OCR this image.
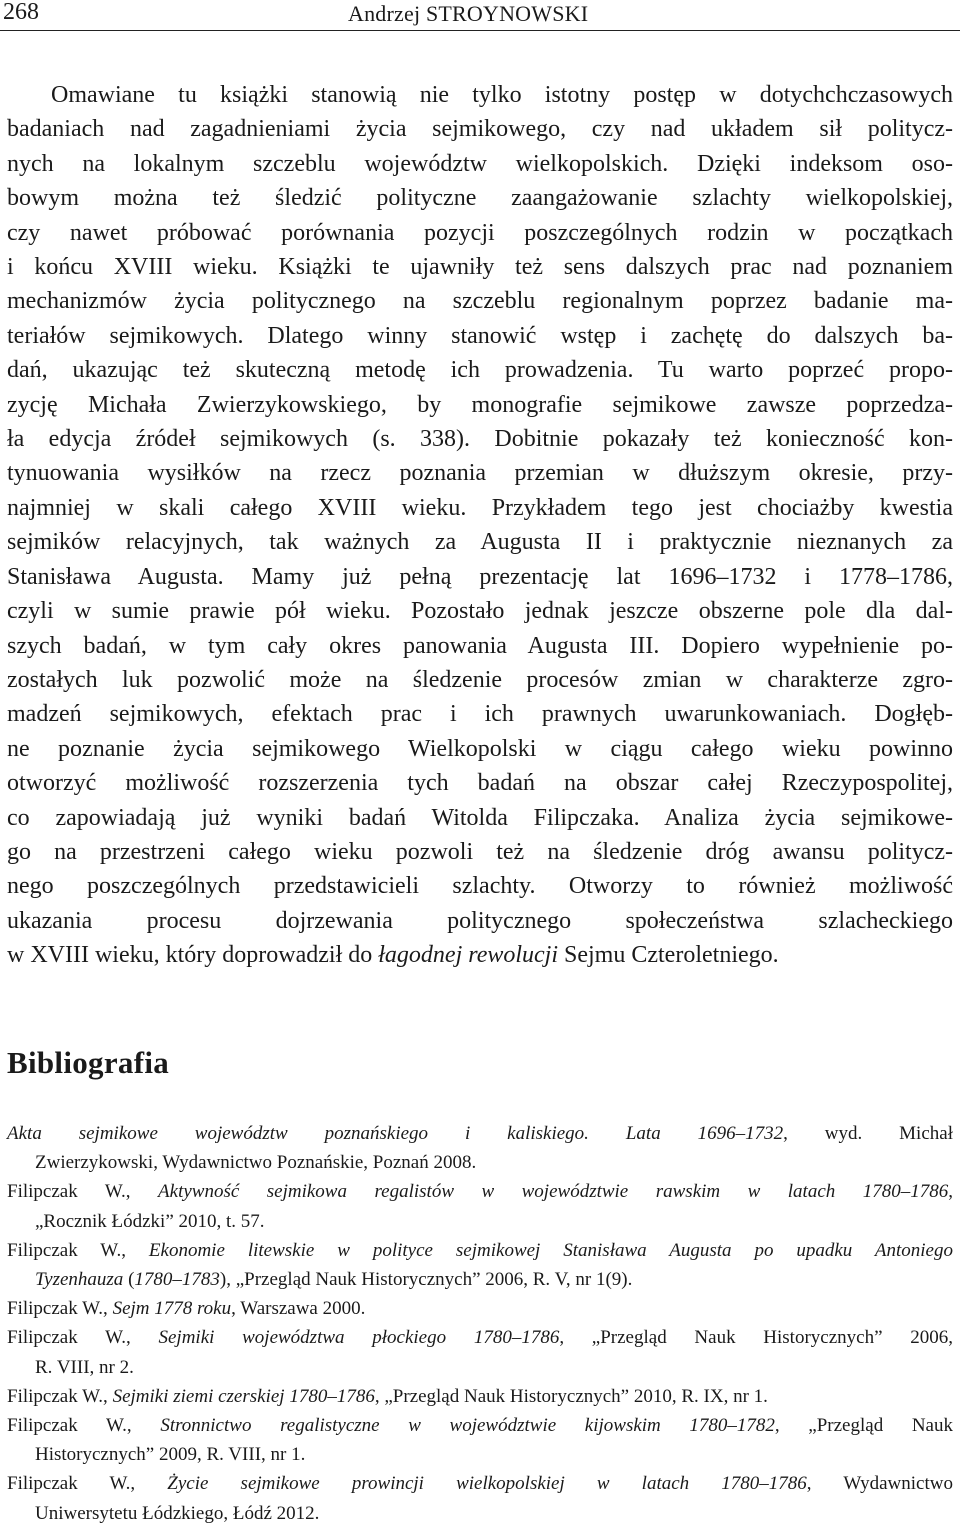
268	Andrzej STROYNOWSKI
Omawiane tu książki stanowią nie tylko istotny postęp w dotychchczasowych
badaniach nad zagadnieniami życia sejmikowego, czy nad układem sił politycz-
nych na lokalnym szczeblu województw wielkopolskich. Dzięki indeksom oso-
bowym można też śledzić polityczne zaangażowanie szlachty wielkopolskiej,
czy nawet próbować porównania pozycji poszczególnych rodzin w początkach
i końcu XVIII wieku. Książki te ujawniły też sens dalszych prac nad poznaniem
mechanizmów życia politycznego na szczeblu regionalnym poprzez badanie ma-
teriałów sejmikowych. Dlatego winny stanowić wstęp i zachętę do dalszych ba-
dań, ukazując też skuteczną metodę ich prowadzenia. Tu warto poprzeć propo-
zycję Michała Zwierzykowskiego, by monografie sejmikowe zawsze poprzedza-
ła edycja źródeł sejmikowych (s. 338). Dobitnie pokazały też konieczność kon-
tynuowania wysiłków na rzecz poznania przemian w dłuższym okresie, przy-
najmniej w skali całego XVIII wieku. Przykładem tego jest chociażby kwestia
sejmików relacyjnych, tak ważnych za Augusta II i praktycznie nieznanych za
Stanisława Augusta. Mamy już pełną prezentację lat 1696–1732 i 1778–1786,
czyli w sumie prawie pół wieku. Pozostało jednak jeszcze obszerne pole dla dal-
szych badań, w tym cały okres panowania Augusta III. Dopiero wypełnienie po-
zostałych luk pozwolić może na śledzenie procesów zmian w charakterze zgro-
madzeń sejmikowych, efektach prac i ich prawnych uwarunkowaniach. Dogłęb-
ne poznanie życia sejmikowego Wielkopolski w ciągu całego wieku powinno
otworzyć możliwość rozszerzenia tych badań na obszar całej Rzeczypospolitej,
co zapowiadają już wyniki badań Witolda Filipczaka. Analiza życia sejmikowe-
go na przestrzeni całego wieku pozwoli też na śledzenie dróg awansu politycz-
nego poszczególnych przedstawicieli szlachty. Otworzy to również możliwość
ukazania procesu dojrzewania politycznego społeczeństwa szlacheckiego
w XVIII wieku, który doprowadził do łagodnej rewolucji Sejmu Czteroletniego.
Bibliografia
Akta sejmikowe województw poznańskiego i kaliskiego. Lata 1696–1732, wyd. Michał
Zwierzykowski, Wydawnictwo Poznańskie, Poznań 2008.
Filipczak W., Aktywność sejmikowa regalistów w województwie rawskim w latach 1780–1786,
„Rocznik Łódzki” 2010, t. 57.
Filipczak W., Ekonomie litewskie w polityce sejmikowej Stanisława Augusta po upadku Antoniego
Tyzenhauza (1780–1783), „Przegląd Nauk Historycznych” 2006, R. V, nr 1(9).
Filipczak W., Sejm 1778 roku, Warszawa 2000.
Filipczak W., Sejmiki województwa płockiego 1780–1786, „Przegląd Nauk Historycznych” 2006,
R. VIII, nr 2.
Filipczak W., Sejmiki ziemi czerskiej 1780–1786, „Przegląd Nauk Historycznych” 2010, R. IX, nr 1.
Filipczak W., Stronnictwo regalistyczne w województwie kijowskim 1780–1782, „Przegląd Nauk
Historycznych” 2009, R. VIII, nr 1.
Filipczak W., Życie sejmikowe prowincji wielkopolskiej w latach 1780–1786, Wydawnictwo
Uniwersytetu Łódzkiego, Łódź 2012.
